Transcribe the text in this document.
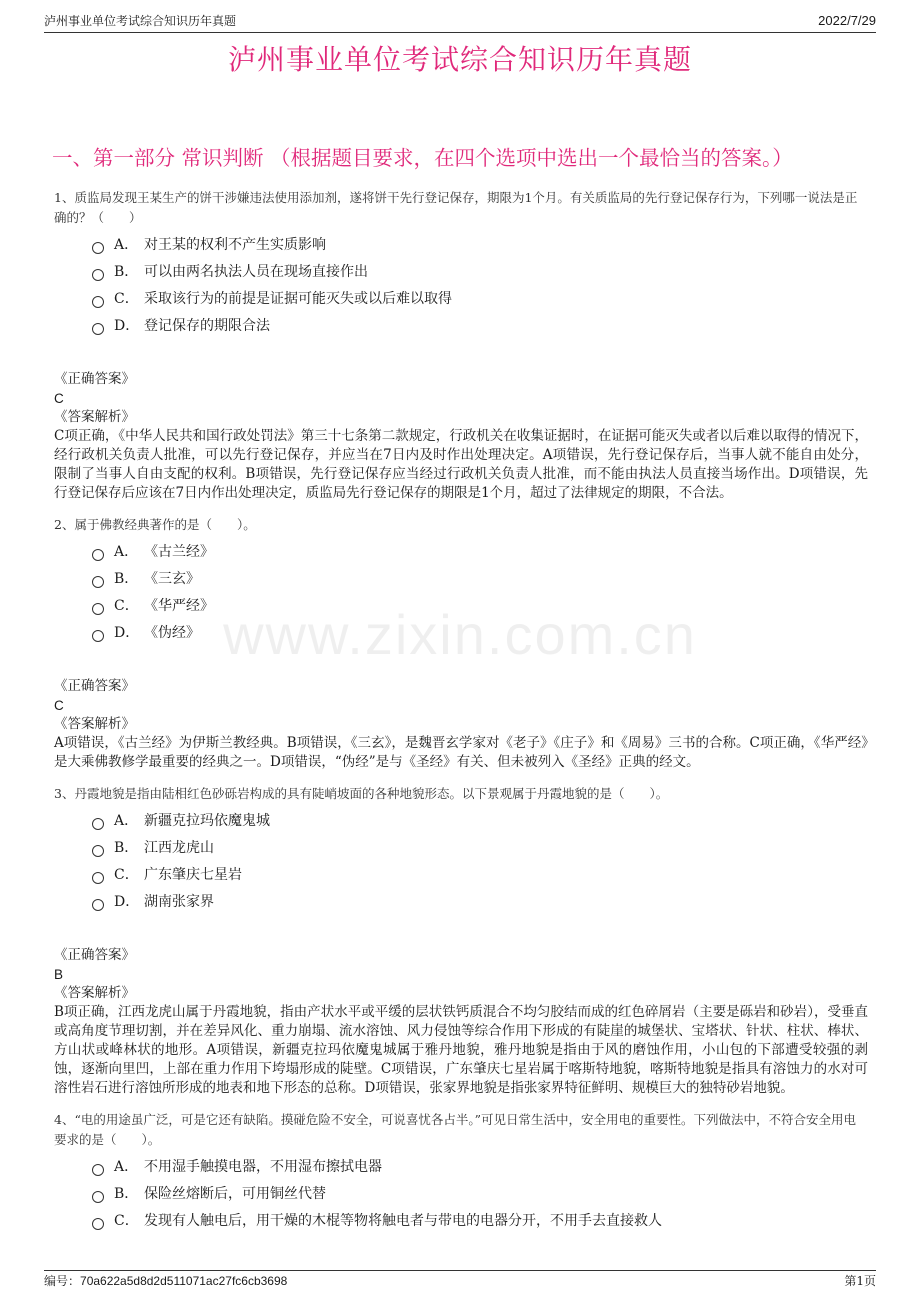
泸州事业单位考试综合知识历年真题	2022/7/29
泸州事业单位考试综合知识历年真题
一、第一部分 常识判断 （根据题目要求，在四个选项中选出一个最恰当的答案。）
www.zixin.com.cn

1、质监局发现王某生产的饼干涉嫌违法使用添加剂，遂将饼干先行登记保存，期限为1个月。有关质监局的先行登记保存行为，下列哪一说法是正确的？（　　）

A． 对王某的权利不产生实质影响
B． 可以由两名执法人员在现场直接作出
C． 采取该行为的前提是证据可能灭失或以后难以取得
D． 登记保存的期限合法

《正确答案》

C

《答案解析》

C项正确，《中华人民共和国行政处罚法》第三十七条第二款规定，行政机关在收集证据时，在证据可能灭失或者以后难以取得的情况下，经行政机关负责人批准，可以先行登记保存，并应当在7日内及时作出处理决定。A项错误，先行登记保存后，当事人就不能自由处分，限制了当事人自由支配的权利。B项错误，先行登记保存应当经过行政机关负责人批准，而不能由执法人员直接当场作出。D项错误，先行登记保存后应该在7日内作出处理决定，质监局先行登记保存的期限是1个月，超过了法律规定的期限，不合法。

2、属于佛教经典著作的是（　　）。

A． 《古兰经》
B． 《三玄》
C． 《华严经》
D． 《伪经》

《正确答案》

C

《答案解析》

A项错误，《古兰经》为伊斯兰教经典。B项错误，《三玄》，是魏晋玄学家对《老子》《庄子》和《周易》三书的合称。C项正确，《华严经》是大乘佛教修学最重要的经典之一。D项错误，“伪经”是与《圣经》有关、但未被列入《圣经》正典的经文。

3、丹霞地貌是指由陆相红色砂砾岩构成的具有陡峭坡面的各种地貌形态。以下景观属于丹霞地貌的是（　　）。

A． 新疆克拉玛依魔鬼城
B． 江西龙虎山
C． 广东肇庆七星岩
D． 湖南张家界

《正确答案》

B

《答案解析》

B项正确，江西龙虎山属于丹霞地貌，指由产状水平或平缓的层状铁钙质混合不均匀胶结而成的红色碎屑岩（主要是砾岩和砂岩），受垂直或高角度节理切割，并在差异风化、重力崩塌、流水溶蚀、风力侵蚀等综合作用下形成的有陡崖的城堡状、宝塔状、针状、柱状、棒状、方山状或峰林状的地形。A项错误，新疆克拉玛依魔鬼城属于雅丹地貌，雅丹地貌是指由于风的磨蚀作用，小山包的下部遭受较强的剥蚀，逐渐向里凹，上部在重力作用下垮塌形成的陡壁。C项错误，广东肇庆七星岩属于喀斯特地貌，喀斯特地貌是指具有溶蚀力的水对可溶性岩石进行溶蚀所形成的地表和地下形态的总称。D项错误，张家界地貌是指张家界特征鲜明、规模巨大的独特砂岩地貌。

4、“电的用途虽广泛，可是它还有缺陷。摸碰危险不安全，可说喜忧各占半。”可见日常生活中，安全用电的重要性。下列做法中，不符合安全用电要求的是（　　）。

A． 不用湿手触摸电器，不用湿布擦拭电器
B． 保险丝熔断后，可用铜丝代替
C． 发现有人触电后，用干燥的木棍等物将触电者与带电的电器分开，不用手去直接救人
编号：70a622a5d8d2d511071ac27fc6cb3698	第1页
